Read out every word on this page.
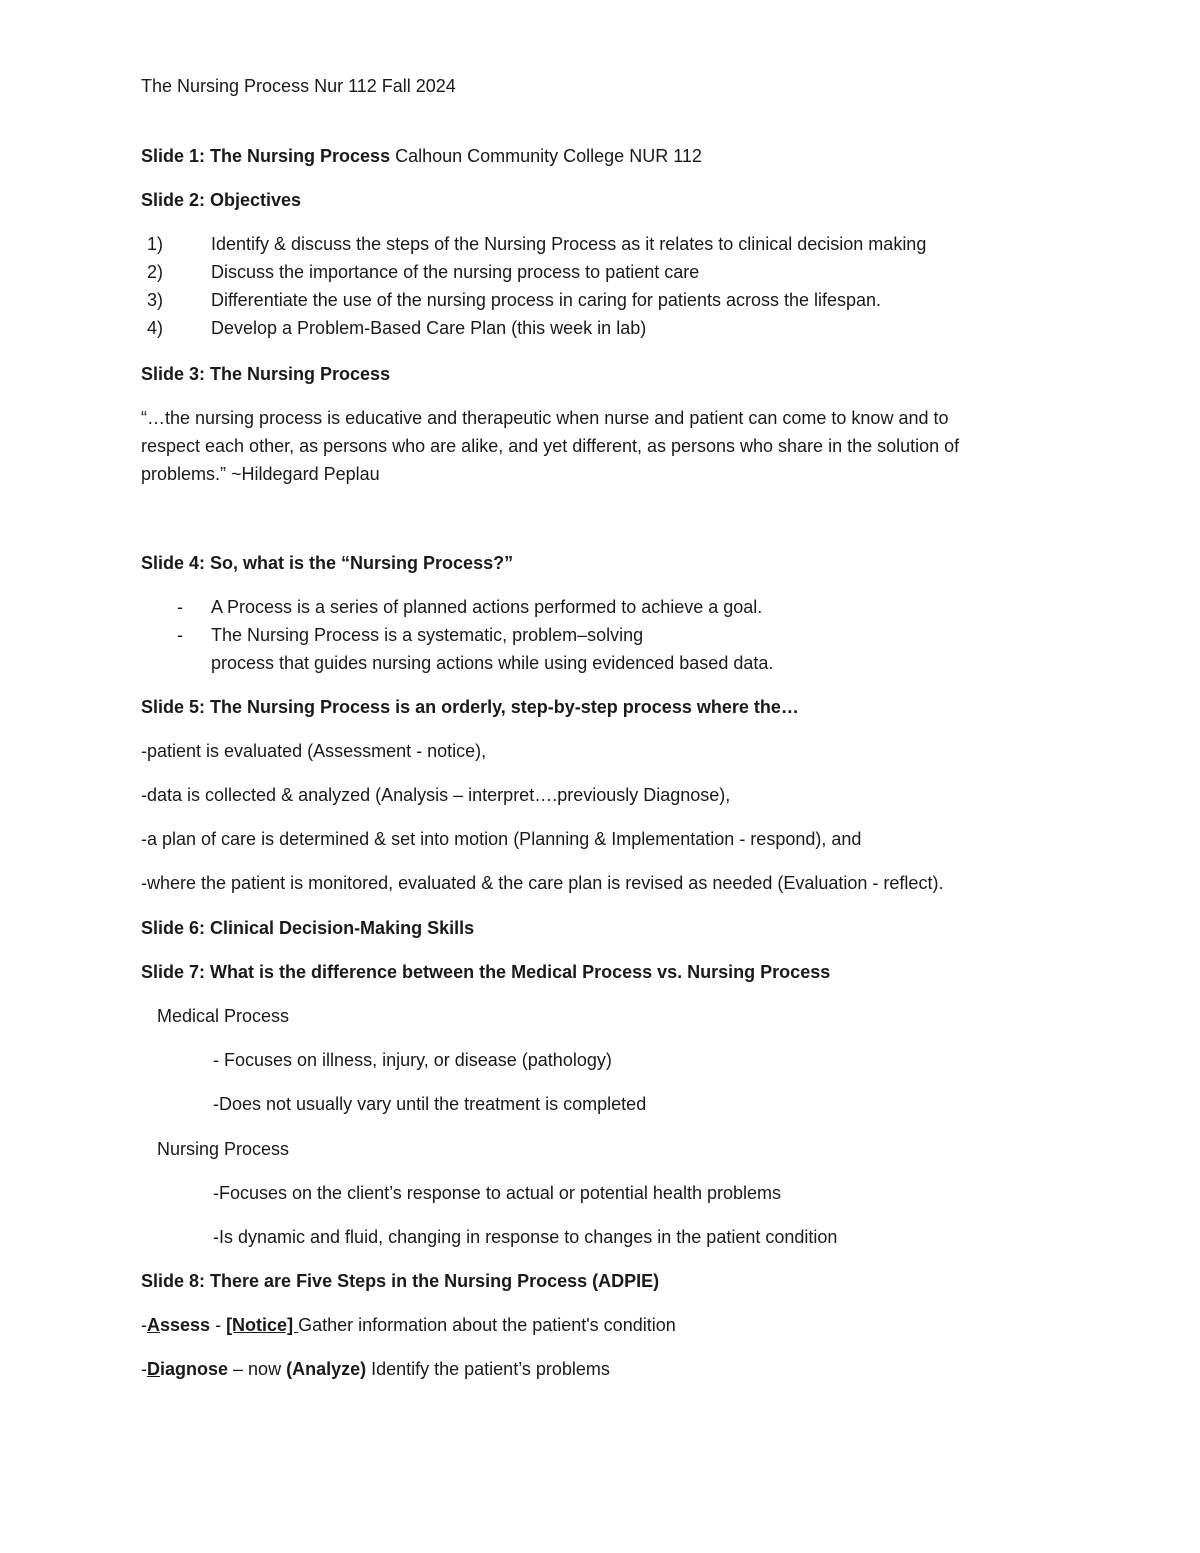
The Nursing Process Nur 112 Fall 2024
Slide 1: The Nursing Process Calhoun Community College NUR 112
Slide 2: Objectives
1)	Identify & discuss the steps of the Nursing Process as it relates to clinical decision making
2)	Discuss the importance of the nursing process to patient care
3)	Differentiate the use of the nursing process in caring for patients across the lifespan.
4)	Develop a Problem-Based Care Plan (this week in lab)
Slide 3: The Nursing Process
“…the nursing process is educative and therapeutic when nurse and patient can come to know and to
respect each other, as persons who are alike, and yet different, as persons who share in the solution of
problems.” ~Hildegard Peplau
Slide 4: So, what is the “Nursing Process?”
- A Process is a series of planned actions performed to achieve a goal.
- The Nursing Process is a systematic, problem–solving
process that guides nursing actions while using evidenced based data.
Slide 5: The Nursing Process is an orderly, step-by-step process where the…
-patient is evaluated (Assessment - notice),
-data is collected & analyzed (Analysis – interpret….previously Diagnose),
-a plan of care is determined & set into motion (Planning & Implementation - respond), and
-where the patient is monitored, evaluated & the care plan is revised as needed (Evaluation - reflect).
Slide 6: Clinical Decision-Making Skills
Slide 7: What is the difference between the Medical Process vs. Nursing Process
Medical Process
- Focuses on illness, injury, or disease (pathology)
-Does not usually vary until the treatment is completed
Nursing Process
-Focuses on the client’s response to actual or potential health problems
-Is dynamic and fluid, changing in response to changes in the patient condition
Slide 8: There are Five Steps in the Nursing Process (ADPIE)
-Assess - [Notice] Gather information about the patient's condition
-Diagnose – now (Analyze) Identify the patient’s problems
